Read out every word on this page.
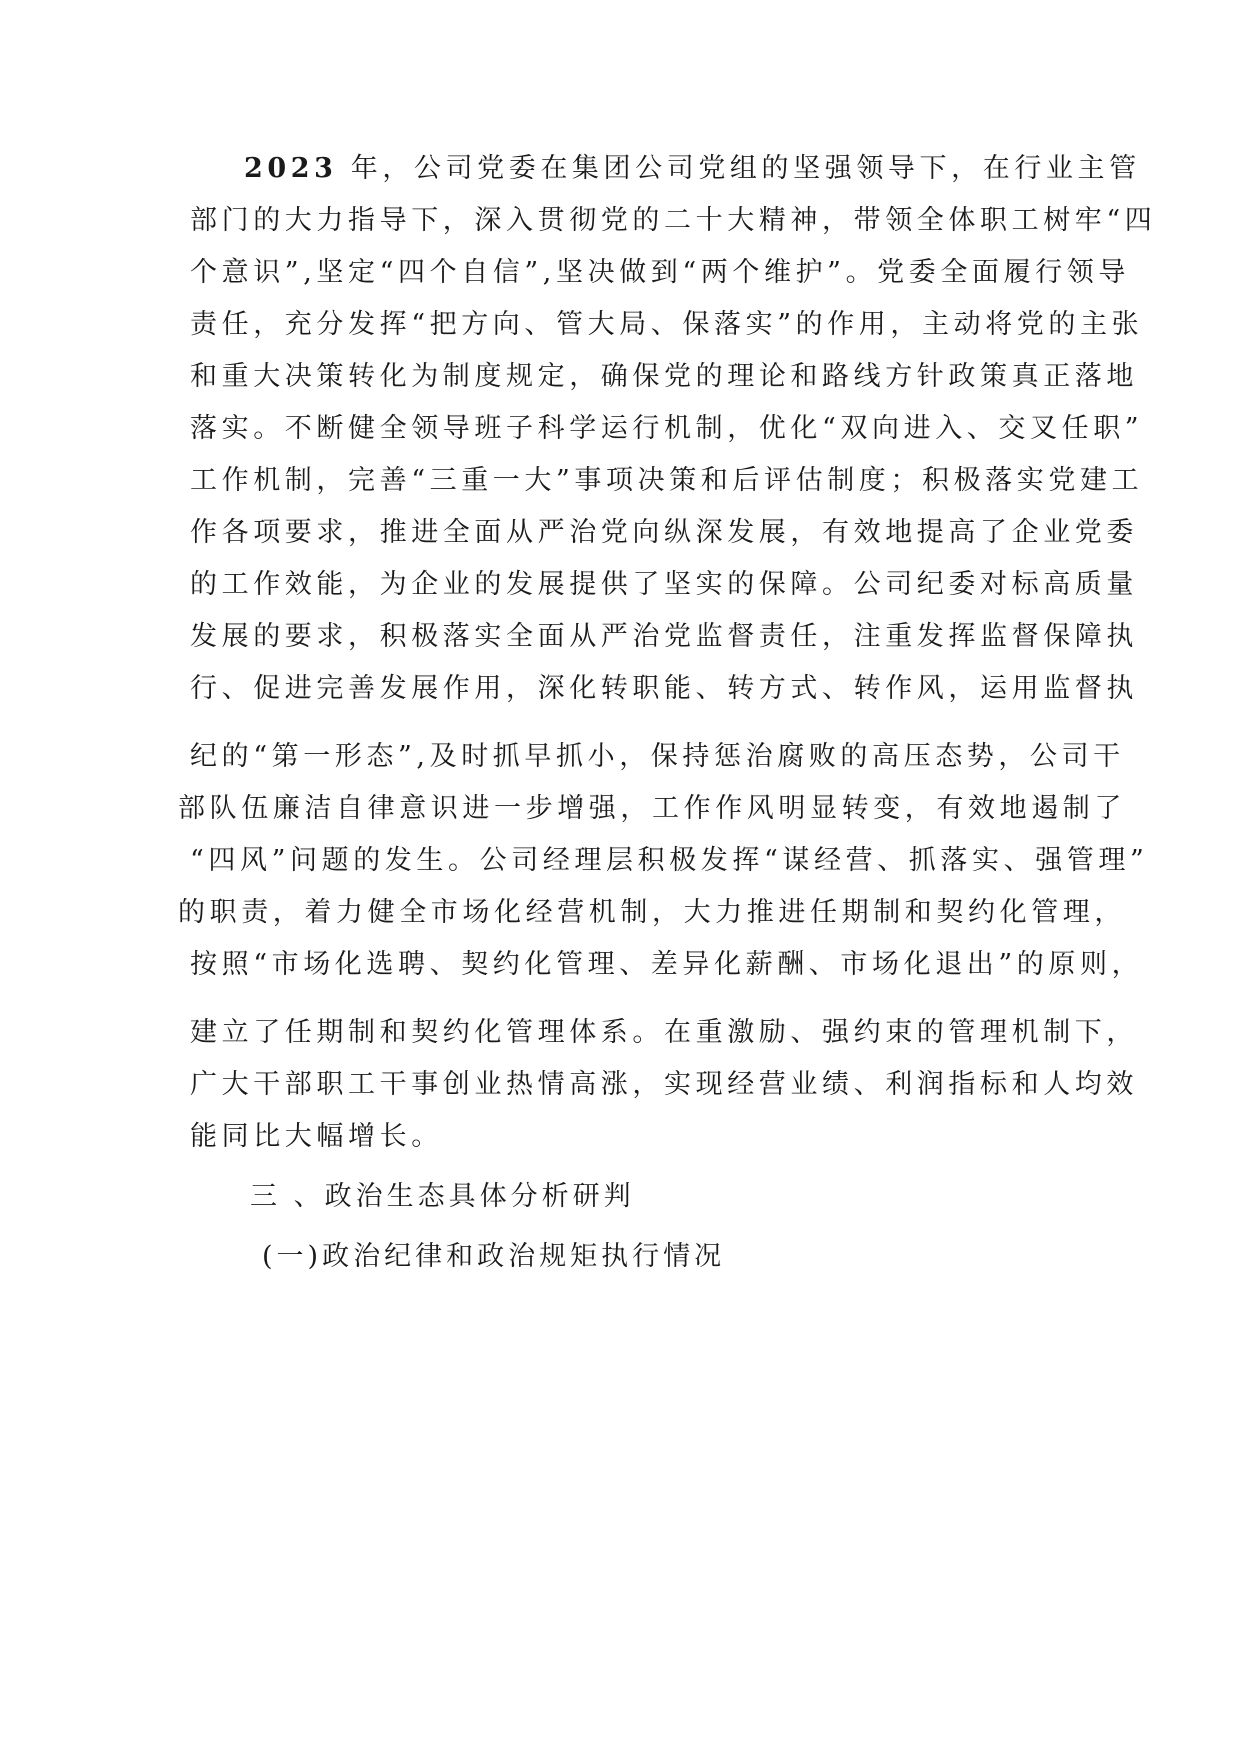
2023 年，公司党委在集团公司党组的坚强领导下，在行业主管
部门的大力指导下，深入贯彻党的二十大精神，带领全体职工树牢“四
个意识”,坚定“四个自信”,坚决做到“两个维护”。党委全面履行领导
责任，充分发挥“把方向、管大局、保落实”的作用，主动将党的主张
和重大决策转化为制度规定，确保党的理论和路线方针政策真正落地
落实。不断健全领导班子科学运行机制，优化“双向进入、交叉任职”
工作机制，完善“三重一大”事项决策和后评估制度；积极落实党建工
作各项要求，推进全面从严治党向纵深发展，有效地提高了企业党委
的工作效能，为企业的发展提供了坚实的保障。公司纪委对标高质量
发展的要求，积极落实全面从严治党监督责任，注重发挥监督保障执
行、促进完善发展作用，深化转职能、转方式、转作风，运用监督执
纪的“第一形态”,及时抓早抓小，保持惩治腐败的高压态势，公司干
部队伍廉洁自律意识进一步增强，工作作风明显转变，有效地遏制了
“四风”问题的发生。公司经理层积极发挥“谋经营、抓落实、强管理”
的职责，着力健全市场化经营机制，大力推进任期制和契约化管理，
按照“市场化选聘、契约化管理、差异化薪酬、市场化退出”的原则，
建立了任期制和契约化管理体系。在重激励、强约束的管理机制下，
广大干部职工干事创业热情高涨，实现经营业绩、利润指标和人均效
能同比大幅增长。
三 、政治生态具体分析研判
(一)政治纪律和政治规矩执行情况
